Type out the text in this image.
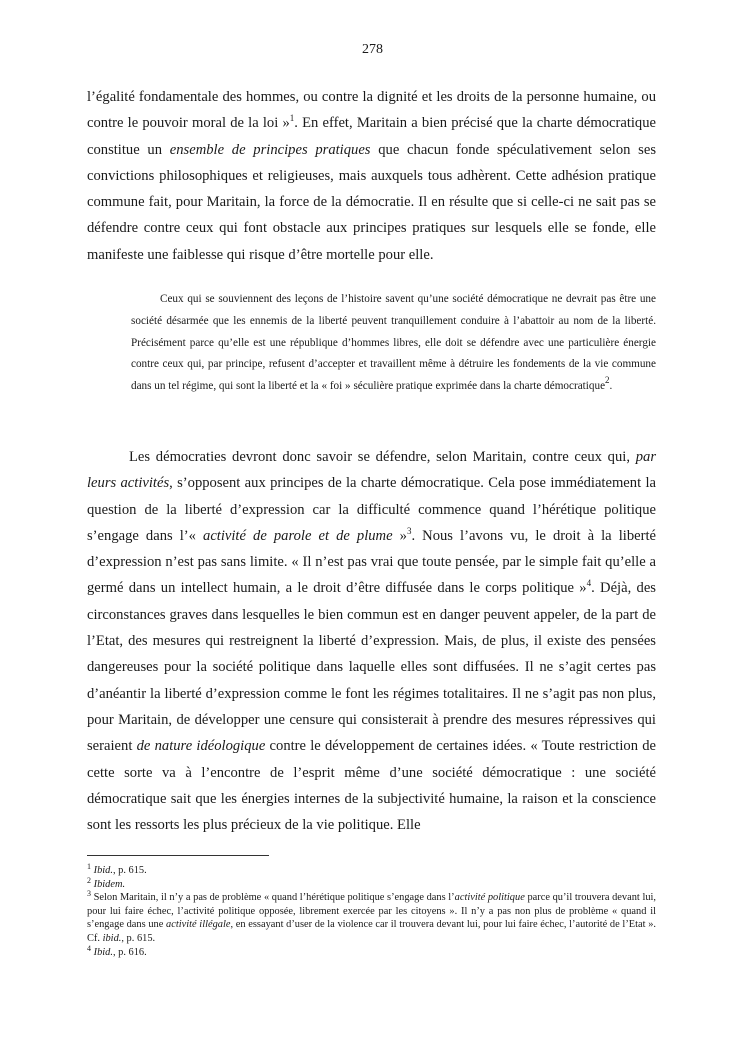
278

l’égalité fondamentale des hommes, ou contre la dignité et les droits de la personne humaine, ou contre le pouvoir moral de la loi »$^1$. En effet, Maritain a bien précisé que la charte démocratique constitue un ensemble de principes pratiques que chacun fonde spéculativement selon ses convictions philosophiques et religieuses, mais auxquels tous adhèrent. Cette adhésion pratique commune fait, pour Maritain, la force de la démocratie. Il en résulte que si celle-ci ne sait pas se défendre contre ceux qui font obstacle aux principes pratiques sur lesquels elle se fonde, elle manifeste une faiblesse qui risque d’être mortelle pour elle.

Ceux qui se souviennent des leçons de l’histoire savent qu’une société démocratique ne devrait pas être une société désarmée que les ennemis de la liberté peuvent tranquillement conduire à l’abattoir au nom de la liberté. Précisément parce qu’elle est une république d’hommes libres, elle doit se défendre avec une particulière énergie contre ceux qui, par principe, refusent d’accepter et travaillent même à détruire les fondements de la vie commune dans un tel régime, qui sont la liberté et la « foi » séculière pratique exprimée dans la charte démocratique$^2$.

Les démocraties devront donc savoir se défendre, selon Maritain, contre ceux qui, par leurs activités, s’opposent aux principes de la charte démocratique. Cela pose immédiatement la question de la liberté d’expression car la difficulté commence quand l’hérétique politique s’engage dans l’« activité de parole et de plume »$^3$. Nous l’avons vu, le droit à la liberté d’expression n’est pas sans limite. « Il n’est pas vrai que toute pensée, par le simple fait qu’elle a germé dans un intellect humain, a le droit d’être diffusée dans le corps politique »$^4$. Déjà, des circonstances graves dans lesquelles le bien commun est en danger peuvent appeler, de la part de l’Etat, des mesures qui restreignent la liberté d’expression. Mais, de plus, il existe des pensées dangereuses pour la société politique dans laquelle elles sont diffusées. Il ne s’agit certes pas d’anéantir la liberté d’expression comme le font les régimes totalitaires. Il ne s’agit pas non plus, pour Maritain, de développer une censure qui consisterait à prendre des mesures répressives qui seraient de nature idéologique contre le développement de certaines idées. « Toute restriction de cette sorte va à l’encontre de l’esprit même d’une société démocratique : une société démocratique sait que les énergies internes de la subjectivité humaine, la raison et la conscience sont les ressorts les plus précieux de la vie politique. Elle

$^1$ Ibid., p. 615.
$^2$ Ibidem.
$^3$ Selon Maritain, il n’y a pas de problème « quand l’hérétique politique s’engage dans l’activité politique parce qu’il trouvera devant lui, pour lui faire échec, l’activité politique opposée, librement exercée par les citoyens ». Il n’y a pas non plus de problème « quand il s’engage dans une activité illégale, en essayant d’user de la violence car il trouvera devant lui, pour lui faire échec, l’autorité de l’Etat ». Cf. ibid., p. 615.
$^4$ Ibid., p. 616.
